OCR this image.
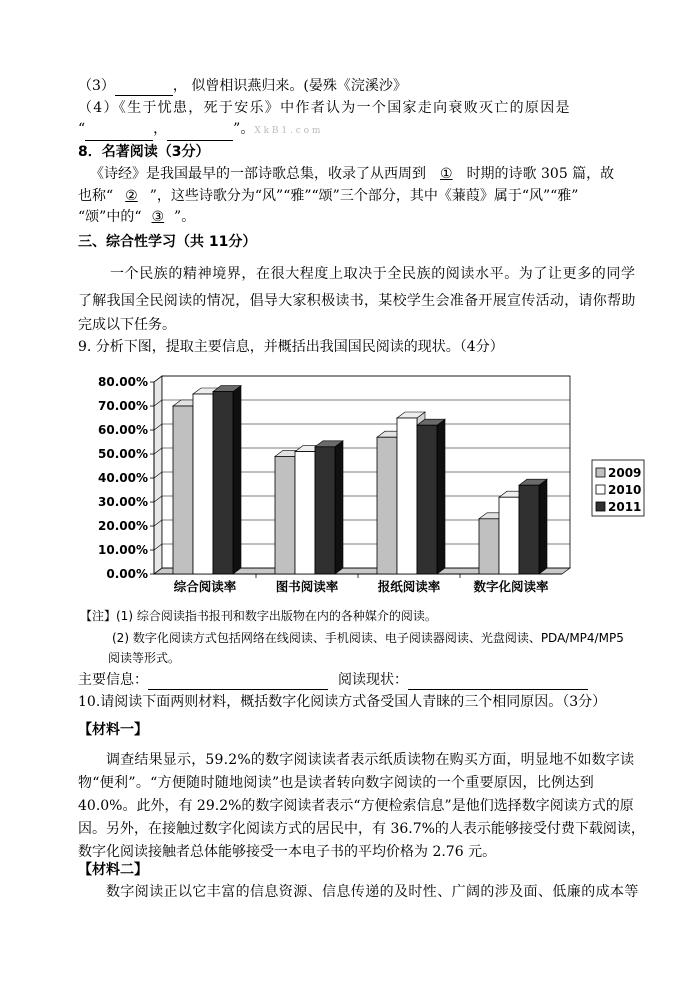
（3）	， 似曾相识燕归来。(晏殊《浣溪沙》
（4）《生于忧患，死于安乐》中作者认为一个国家走向衰败灭亡的原因是
“	，	”。X k B 1 . c o m
8．名著阅读（3分）
《诗经》是我国最早的一部诗歌总集，收录了从西周到 ① 时期的诗歌 305 篇，故
也称“ ② ”，这些诗歌分为“风”“雅”“颂”三个部分，其中《蒹葭》属于“风”“雅”
“颂”中的“ ③ ”。
三、综合性学习（共 11分）
一个民族的精神境界，在很大程度上取决于全民族的阅读水平。为了让更多的同学
了解我国全民阅读的情况，倡导大家积极读书，某校学生会准备开展宣传活动，请你帮助
完成以下任务。
9. 分析下图，提取主要信息，并概括出我国国民阅读的现状。（4分）
0.00%
10.00%
20.00%
30.00%
40.00%
50.00%
60.00%
70.00%
80.00%
综合阅读率	图书阅读率	报纸阅读率	数字化阅读率
2009
2010
2011
【注】(1) 综合阅读指书报刊和数字出版物在内的各种媒介的阅读。
(2) 数字化阅读方式包括网络在线阅读、手机阅读、电子阅读器阅读、光盘阅读、PDA/MP4/MP5
阅读等形式。
主要信息：	阅读现状：
10.请阅读下面两则材料，概括数字化阅读方式备受国人青睐的三个相同原因。（3分）
【材料一】
调查结果显示，59.2%的数字阅读读者表示纸质读物在购买方面，明显地不如数字读
物“便利”。“方便随时随地阅读”也是读者转向数字阅读的一个重要原因，比例达到
40.0%。此外，有 29.2%的数字阅读者表示“方便检索信息”是他们选择数字阅读方式的原
因。另外，在接触过数字化阅读方式的居民中，有 36.7%的人表示能够接受付费下载阅读，
数字化阅读接触者总体能够接受一本电子书的平均价格为 2.76 元。
【材料二】
数字阅读正以它丰富的信息资源、信息传递的及时性、广阔的涉及面、低廉的成本等
